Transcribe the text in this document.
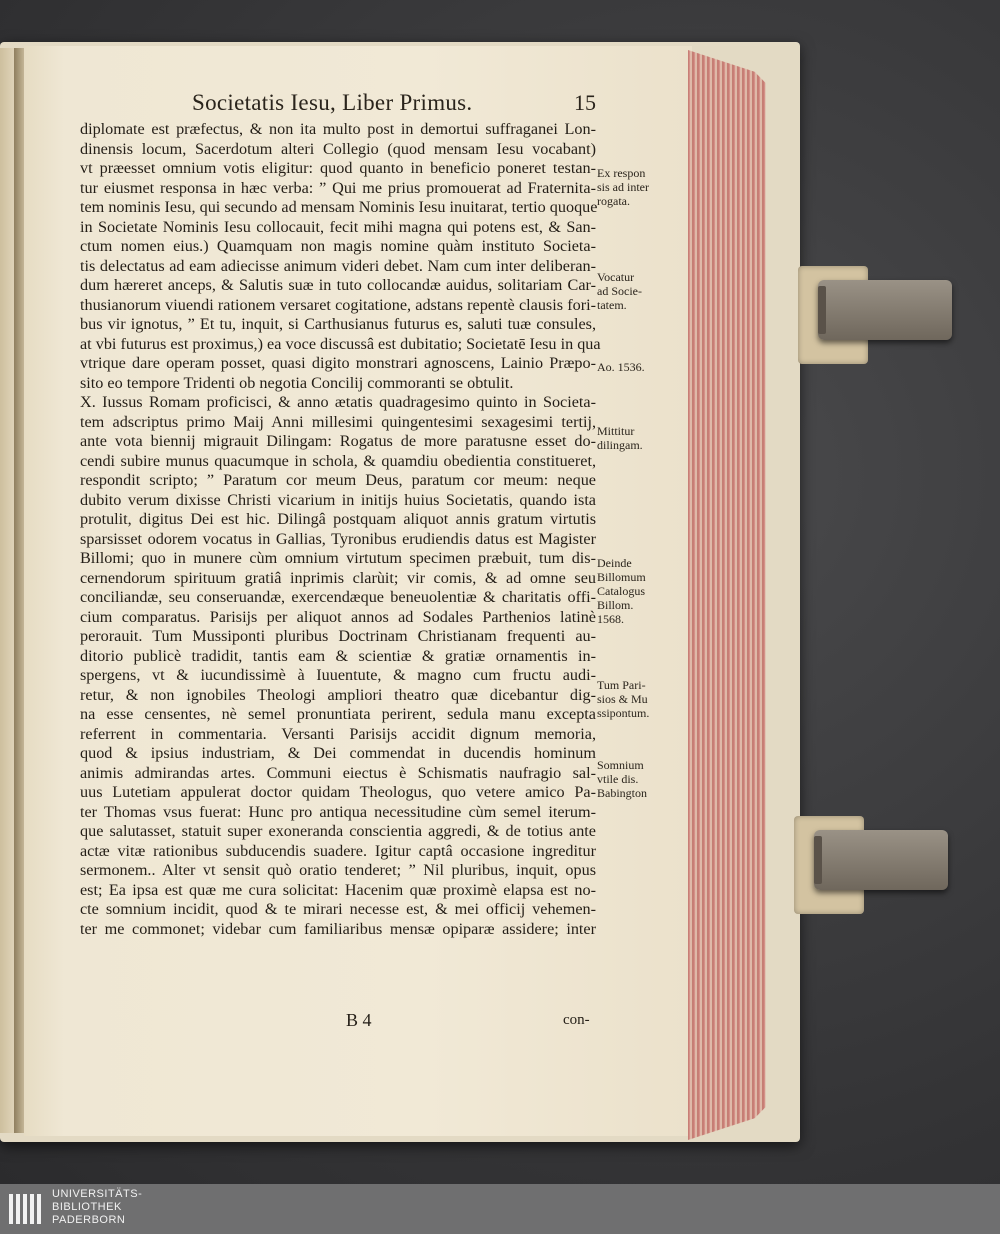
Societatis Iesu, Liber Primus.	15
diplomate est præfectus, & non ita multo post in demortui suffraganei Lon-
dinensis locum, Sacerdotum alteri Collegio (quod mensam Iesu vocabant)
vt præesset omnium votis eligitur: quod quanto in beneficio poneret testan-
tur eiusmet responsa in hæc verba: ” Qui me prius promouerat ad Fraternita-
tem nominis Iesu, qui secundo ad mensam Nominis Iesu inuitarat, tertio quoque
in Societate Nominis Iesu collocauit, fecit mihi magna qui potens est, & San-
ctum nomen eius.) Quamquam non magis nomine quàm instituto Societa-
tis delectatus ad eam adiecisse animum videri debet. Nam cum inter deliberan-
dum hæreret anceps, & Salutis suæ in tuto collocandæ auidus, solitariam Car-
thusianorum viuendi rationem versaret cogitatione, adstans repentè clausis fori-
bus vir ignotus, ” Et tu, inquit, si Carthusianus futurus es, saluti tuæ consules,
at vbi futurus est proximus,) ea voce discussâ est dubitatio; Societatē Iesu in qua
vtrique dare operam posset, quasi digito monstrari agnoscens, Lainio Præpo-
sito eo tempore Tridenti ob negotia Concilij commoranti se obtulit.
X. Iussus Romam proficisci, & anno ætatis quadragesimo quinto in Societa-
tem adscriptus primo Maij Anni millesimi quingentesimi sexagesimi tertij,
ante vota biennij migrauit Dilingam: Rogatus de more paratusne esset do-
cendi subire munus quacumque in schola, & quamdiu obedientia constitueret,
respondit scripto; ” Paratum cor meum Deus, paratum cor meum: neque
dubito verum dixisse Christi vicarium in initijs huius Societatis, quando ista
protulit, digitus Dei est hic. Dilingâ postquam aliquot annis gratum virtutis
sparsisset odorem vocatus in Gallias, Tyronibus erudiendis datus est Magister
Billomi; quo in munere cùm omnium virtutum specimen præbuit, tum dis-
cernendorum spirituum gratiâ inprimis clarùit; vir comis, & ad omne seu
conciliandæ, seu conseruandæ, exercendæque beneuolentiæ & charitatis offi-
cium comparatus. Parisijs per aliquot annos ad Sodales Parthenios latinè
perorauit. Tum Mussiponti pluribus Doctrinam Christianam frequenti au-
ditorio publicè tradidit, tantis eam & scientiæ & gratiæ ornamentis in-
spergens, vt & iucundissimè à Iuuentute, & magno cum fructu audi-
retur, & non ignobiles Theologi ampliori theatro quæ dicebantur dig-
na esse censentes, nè semel pronuntiata perirent, sedula manu excepta
referrent in commentaria. Versanti Parisijs accidit dignum memoria,
quod & ipsius industriam, & Dei commendat in ducendis hominum
animis admirandas artes. Communi eiectus è Schismatis naufragio sal-
uus Lutetiam appulerat doctor quidam Theologus, quo vetere amico Pa-
ter Thomas vsus fuerat: Hunc pro antiqua necessitudine cùm semel iterum-
que salutasset, statuit super exoneranda conscientia aggredi, & de totius ante
actæ vitæ rationibus subducendis suadere. Igitur captâ occasione ingreditur
sermonem.. Alter vt sensit quò oratio tenderet; ” Nil pluribus, inquit, opus
est; Ea ipsa est quæ me cura solicitat: Hacenim quæ proximè elapsa est no-
cte somnium incidit, quod & te mirari necesse est, & mei officij vehemen-
ter me commonet; videbar cum familiaribus mensæ opiparæ assidere; inter
Ex respon
sis ad inter
rogata.
Vocatur
ad Socie-
tatem.
Ao. 1536.
Mittitur
dilingam.
Deinde
Billomum
Catalogus
Billom.
1568.
Tum Pari-
sios & Mu
ssipontum.
Somnium
vtile dis.
Babington
B 4	con-
UNIVERSITÄTS-
BIBLIOTHEK
PADERBORN
